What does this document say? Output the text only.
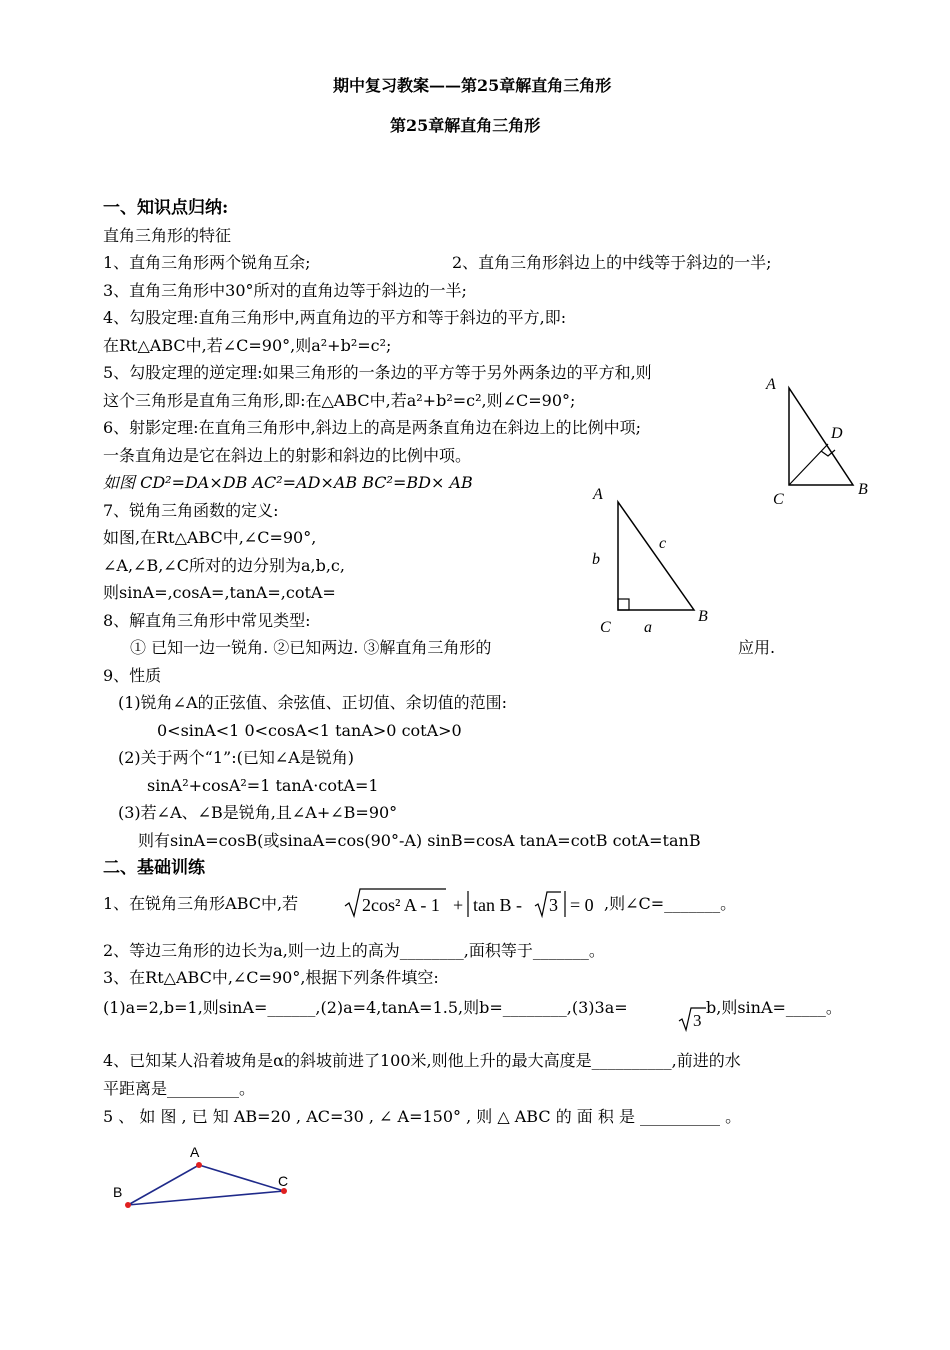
期中复习教案——第25章解直角三角形
第25章解直角三角形
一、知识点归纳:
直角三角形的特征
1、直角三角形两个锐角互余;	2、直角三角形斜边上的中线等于斜边的一半;
3、直角三角形中30°所对的直角边等于斜边的一半;
4、勾股定理:直角三角形中,两直角边的平方和等于斜边的平方,即:
在Rt△ABC中,若∠C=90°,则a²+b²=c²;
5、勾股定理的逆定理:如果三角形的一条边的平方等于另外两条边的平方和,则
这个三角形是直角三角形,即:在△ABC中,若a²+b²=c²,则∠C=90°;
6、射影定理:在直角三角形中,斜边上的高是两条直角边在斜边上的比例中项;
一条直角边是它在斜边上的射影和斜边的比例中项。
如图 CD²=DA×DB AC²=AD×AB BC²=BD× AB
7、锐角三角函数的定义:
如图,在Rt△ABC中,∠C=90°,
∠A,∠B,∠C所对的边分别为a,b,c,
则sinA=,cosA=,tanA=,cotA=
8、解直角三角形中常见类型:
① 已知一边一锐角. ②已知两边. ③解直角三角形的	应用.
9、性质
(1)锐角∠A的正弦值、余弦值、正切值、余切值的范围:
0<sinA<1 0<cosA<1 tanA>0 cotA>0
(2)关于两个“1”:(已知∠A是锐角)
sinA²+cosA²=1 tanA·cotA=1
(3)若∠A、∠B是锐角,且∠A+∠B=90°
则有sinA=cosB(或sinaA=cos(90°-A) sinB=cosA tanA=cotB cotA=tanB
二、基础训练
1、在锐角三角形ABC中,若	2cos² A - 1 + tan B - 3 = 0 ,则∠C=_______。
2、等边三角形的边长为a,则一边上的高为________,面积等于_______。
3、在Rt△ABC中,∠C=90°,根据下列条件填空:
(1)a=2,b=1,则sinA=______,(2)a=4,tanA=1.5,则b=________,(3)3a=
3
b,则sinA=_____。
4、已知某人沿着坡角是α的斜坡前进了100米,则他上升的最大高度是__________,前进的水
平距离是_________。
5 、 如 图 , 已 知 AB=20 , AC=30 , ∠ A=150° , 则 △ ABC 的 面 积 是 __________ 。
A
D
C
B
A
c
b
B
C a
A
B
C
